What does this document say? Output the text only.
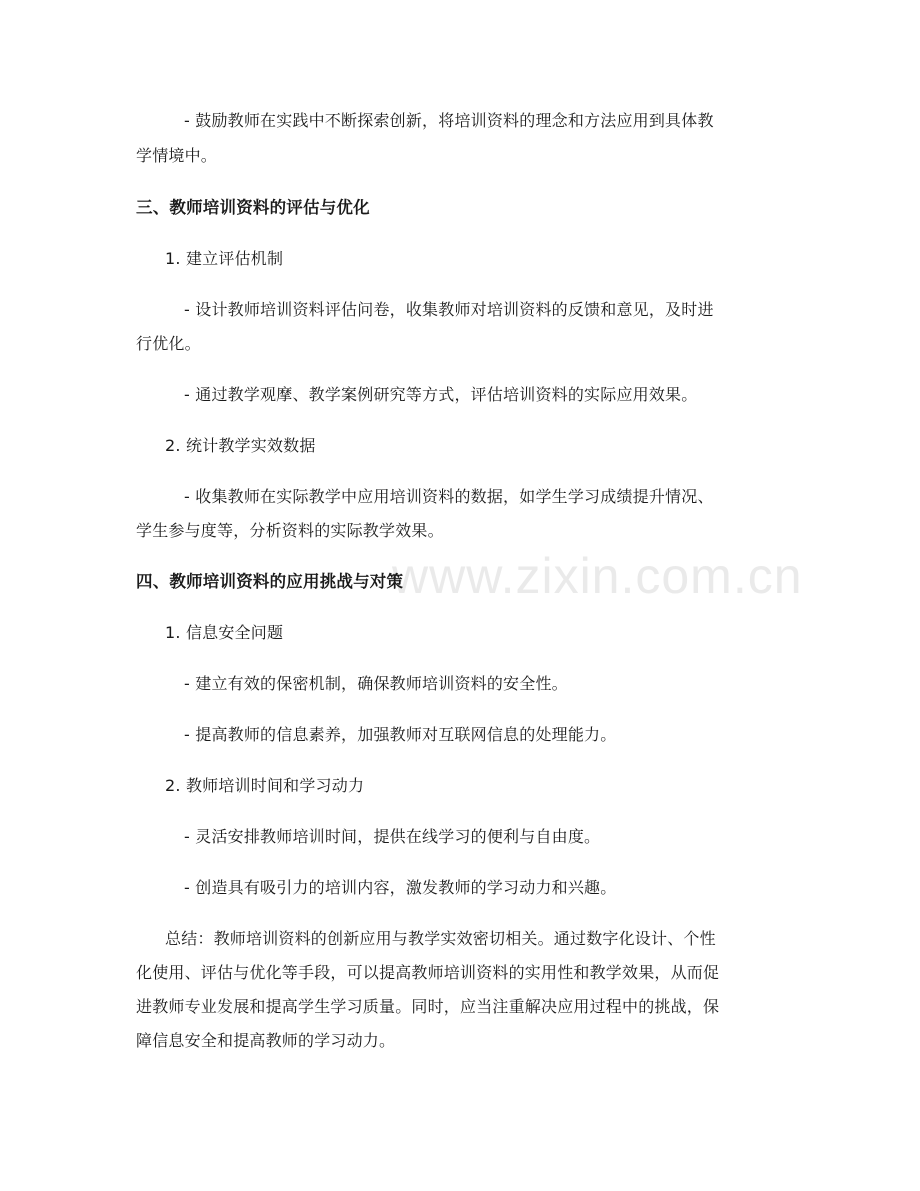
www.zixin.com.cn
- 鼓励教师在实践中不断探索创新，将培训资料的理念和方法应用到具体教
学情境中。
三、教师培训资料的评估与优化
1. 建立评估机制
- 设计教师培训资料评估问卷，收集教师对培训资料的反馈和意见，及时进
行优化。
- 通过教学观摩、教学案例研究等方式，评估培训资料的实际应用效果。
2. 统计教学实效数据
- 收集教师在实际教学中应用培训资料的数据，如学生学习成绩提升情况、
学生参与度等，分析资料的实际教学效果。
四、教师培训资料的应用挑战与对策
1. 信息安全问题
- 建立有效的保密机制，确保教师培训资料的安全性。
- 提高教师的信息素养，加强教师对互联网信息的处理能力。
2. 教师培训时间和学习动力
- 灵活安排教师培训时间，提供在线学习的便利与自由度。
- 创造具有吸引力的培训内容，激发教师的学习动力和兴趣。
总结：教师培训资料的创新应用与教学实效密切相关。通过数字化设计、个性
化使用、评估与优化等手段，可以提高教师培训资料的实用性和教学效果，从而促
进教师专业发展和提高学生学习质量。同时，应当注重解决应用过程中的挑战，保
障信息安全和提高教师的学习动力。
